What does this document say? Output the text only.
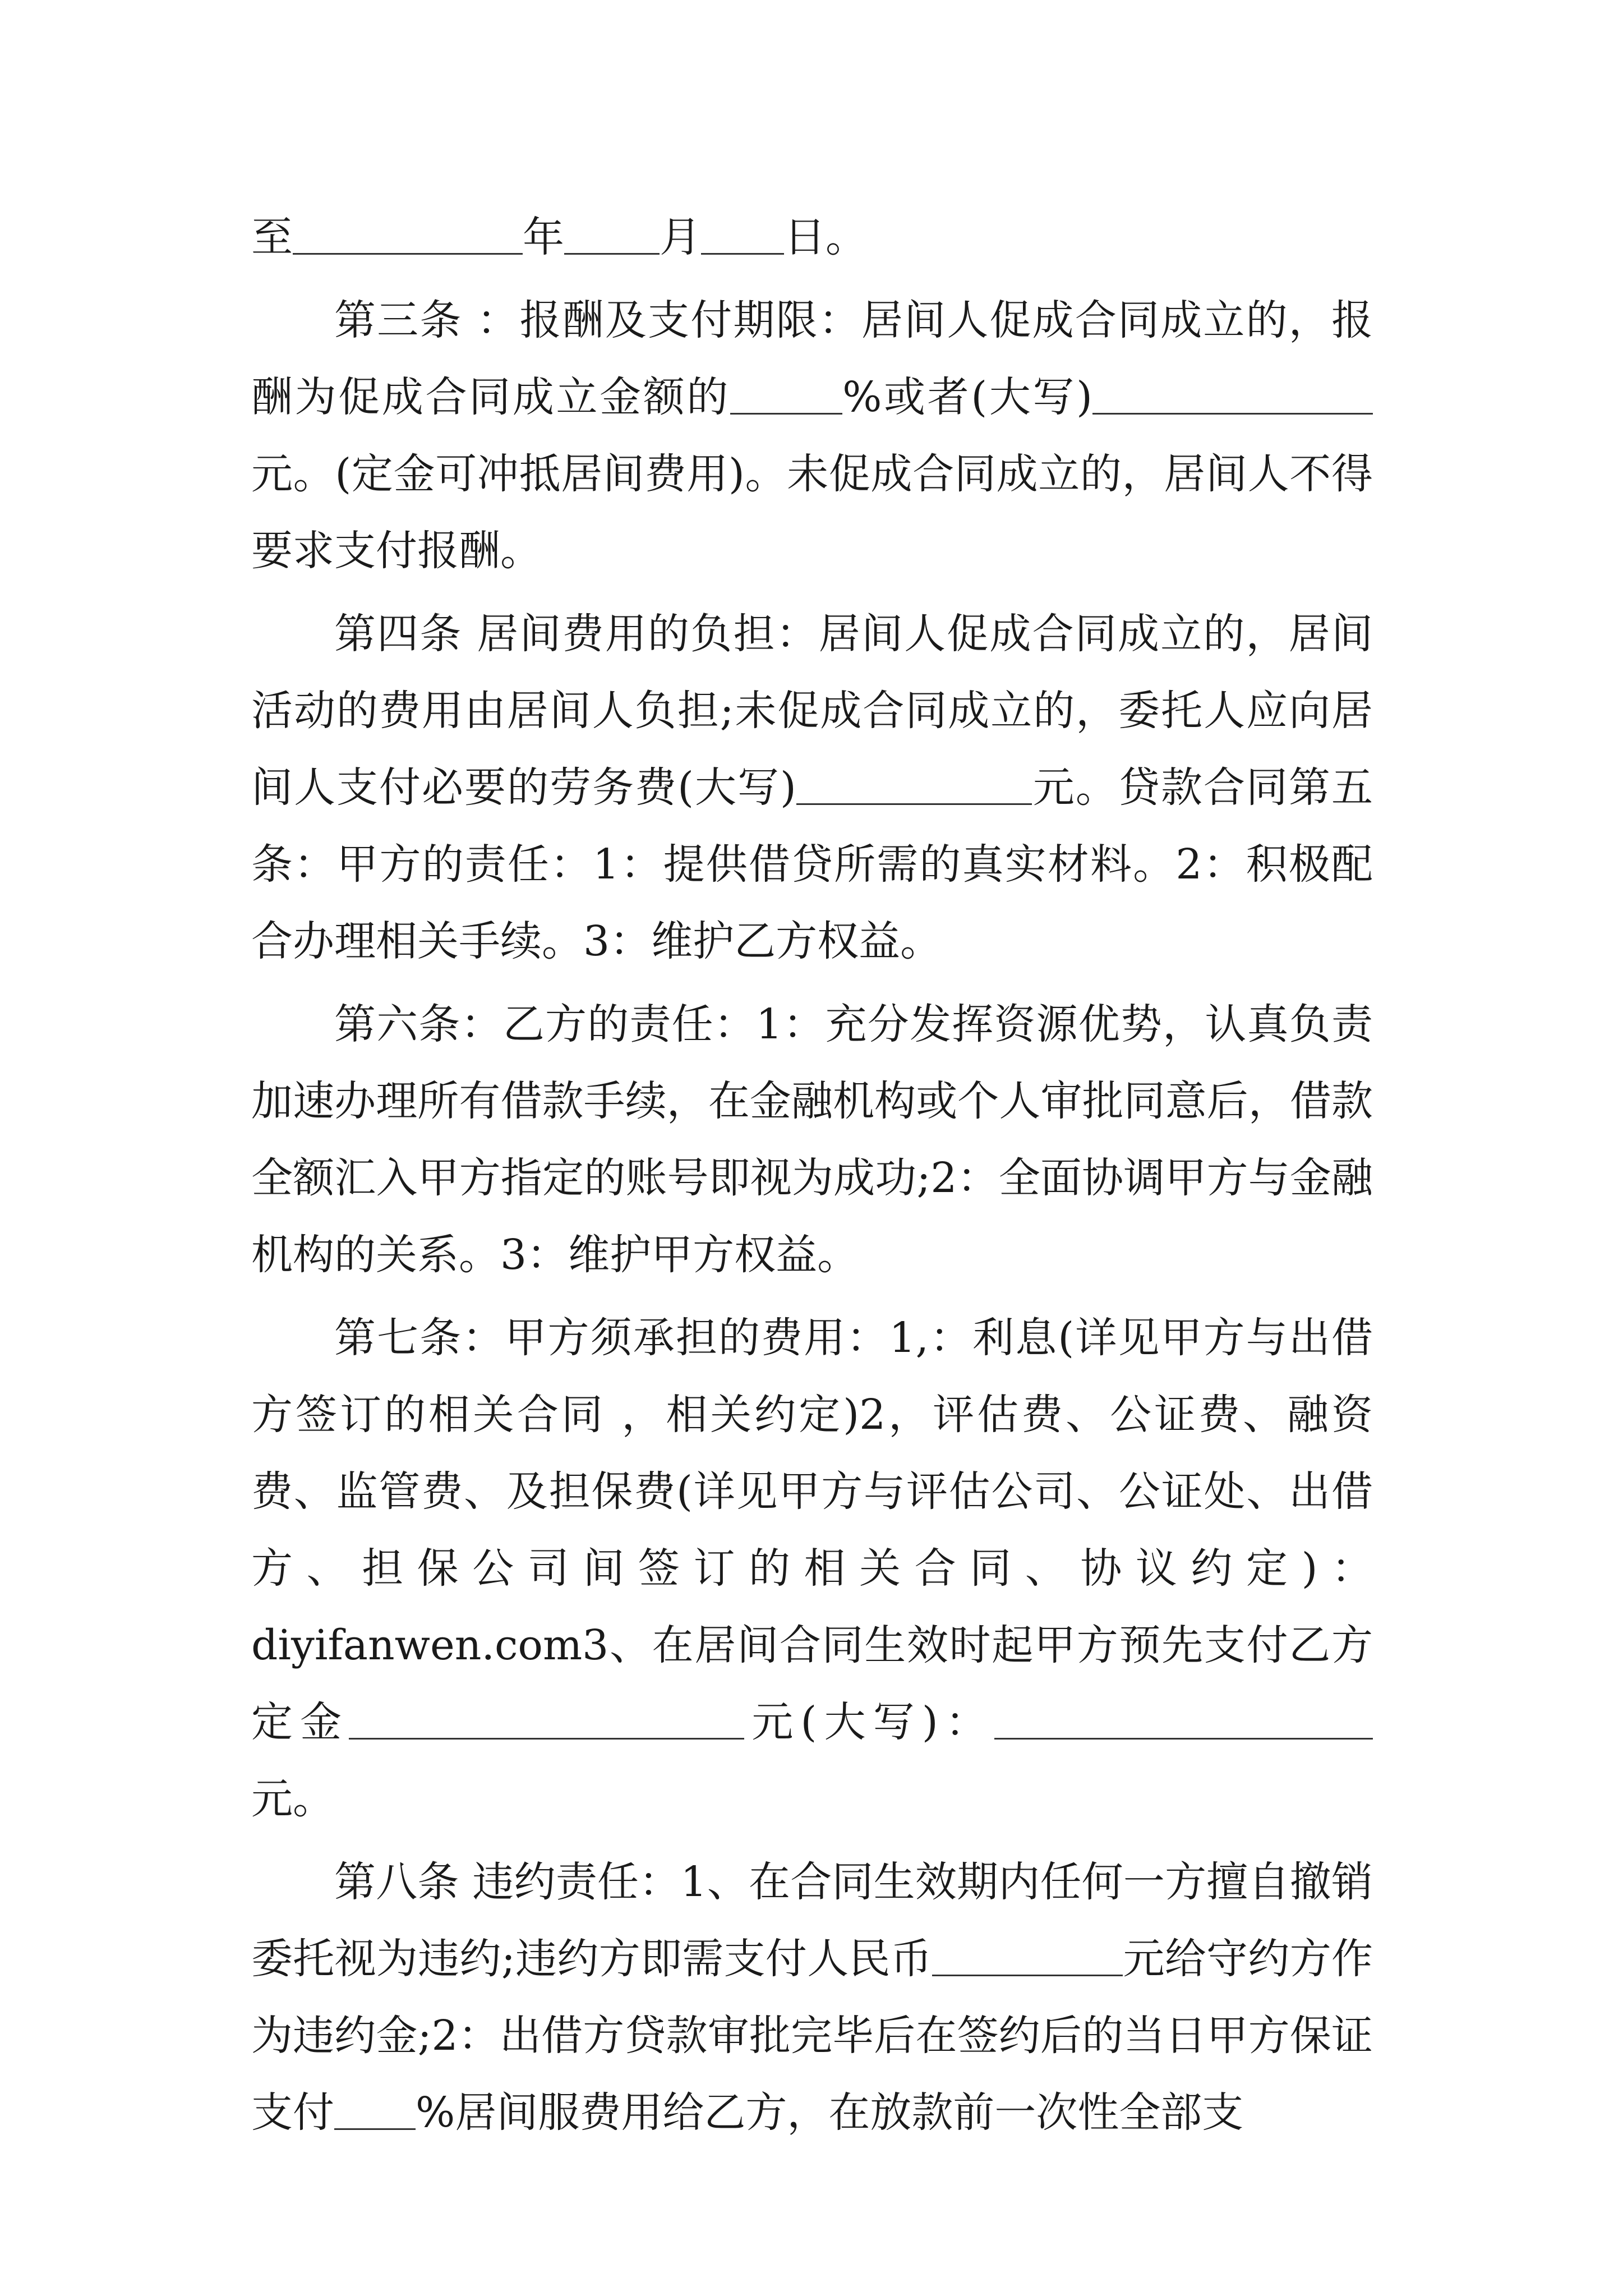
至	年 月 日。

第三条 ：报酬及支付期限：居间人促成合同成立的，报酬为促成合同成立金额的	%或者(大写)元。(定金可冲抵居间费用)。未促成合同成立的，居间人不得要求支付报酬。

第四条 居间费用的负担：居间人促成合同成立的，居间活动的费用由居间人负担;未促成合同成立的，委托人应向居间人支付必要的劳务费(大写)	元。贷款合同第五条：甲方的责任：1：提供借贷所需的真实材料。2：积极配合办理相关手续。3：维护乙方权益。

第六条：乙方的责任：1：充分发挥资源优势，认真负责加速办理所有借款手续，在金融机构或个人审批同意后，借款全额汇入甲方指定的账号即视为成功;2：全面协调甲方与金融机构的关系。3：维护甲方权益。

第七条：甲方须承担的费用：1,：利息(详见甲方与出借方签订的相关合同 ，相关约定)2，评估费、公证费、融资费、监管费、及担保费(详见甲方与评估公司、公证处、出借方、担保公司间签订的相关合同、协议约定)：diyifanwen.com3、在居间合同生效时起甲方预先支付乙方定金	元(大写)：元。

第八条 违约责任：1、在合同生效期内任何一方擅自撤销委托视为违约;违约方即需支付人民币	元给守约方作为违约金;2：出借方贷款审批完毕后在签约后的当日甲方保证支付 %居间服费用给乙方，在放款前一次性全部支
